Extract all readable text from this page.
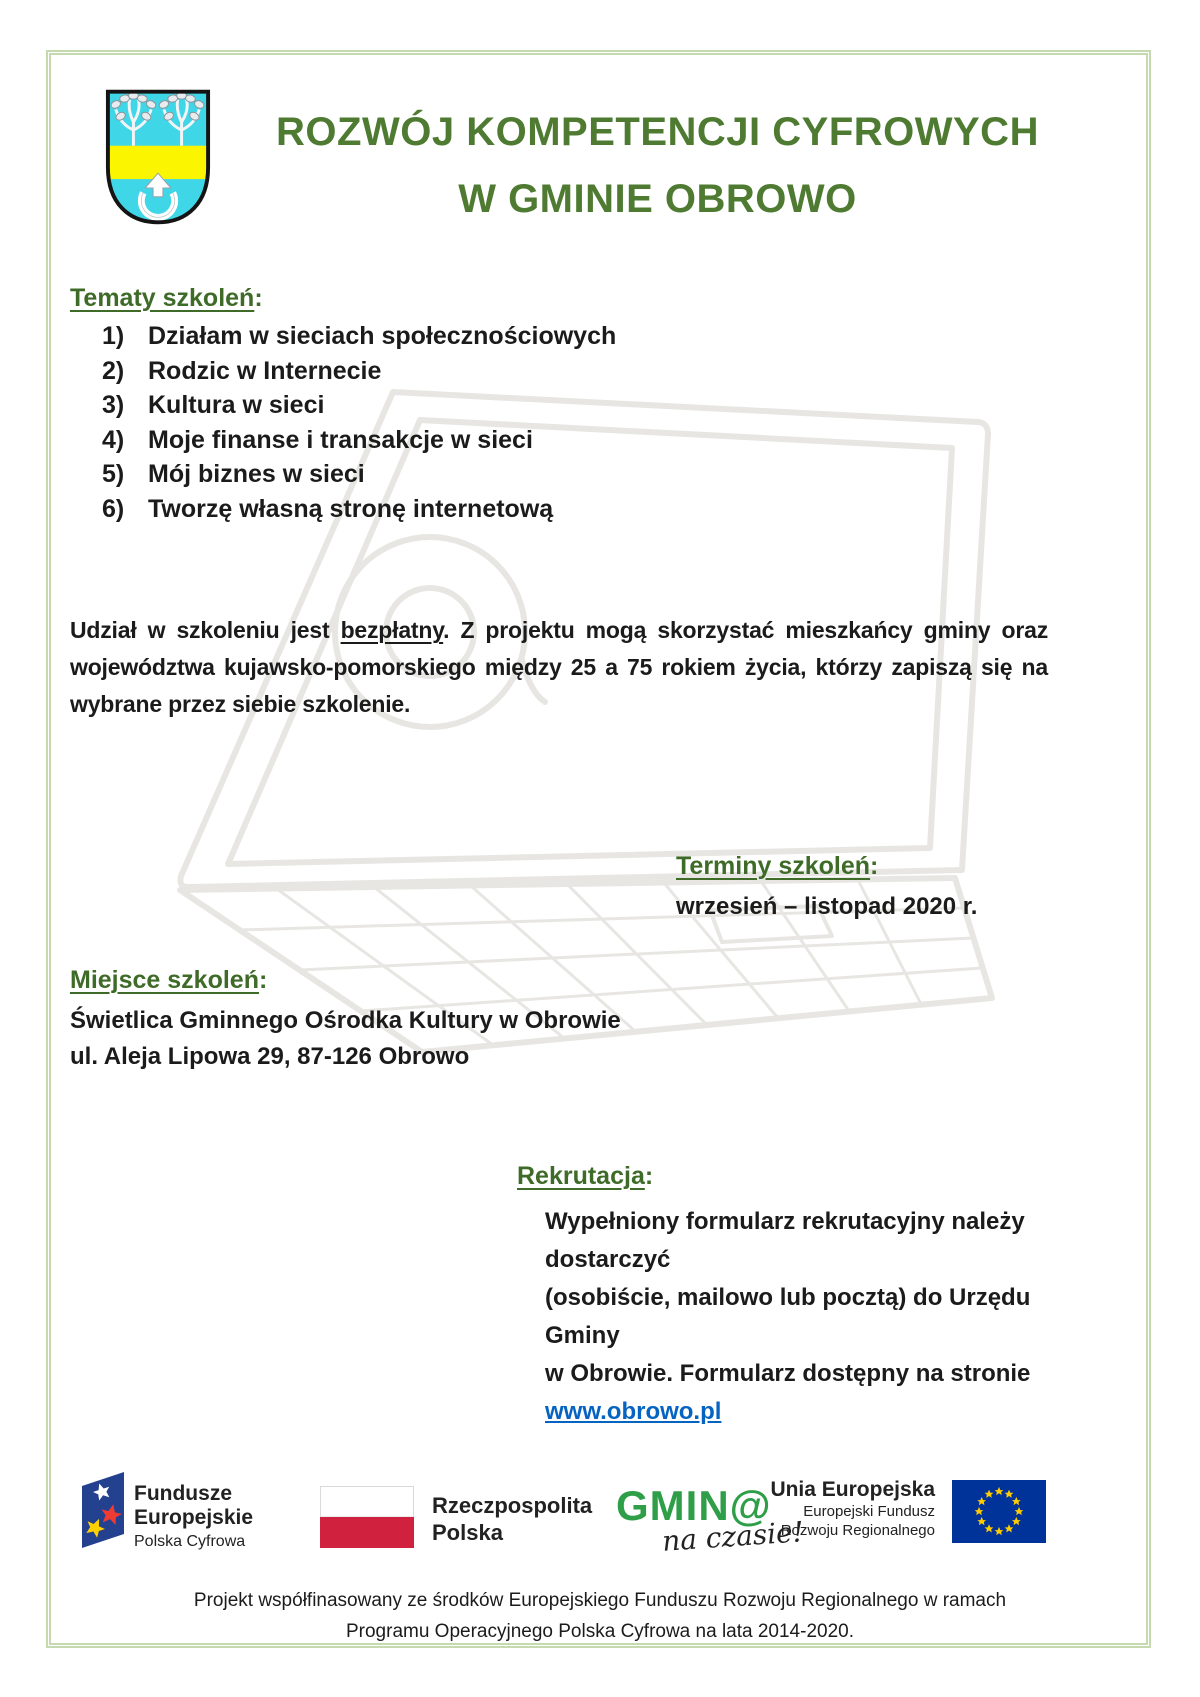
ROZWÓJ KOMPETENCJI CYFROWYCH
W GMINIE OBROWO
Tematy szkoleń:
1) Działam w sieciach społecznościowych
2) Rodzic w Internecie
3) Kultura w sieci
4) Moje finanse i transakcje w sieci
5) Mój biznes w sieci
6) Tworzę własną stronę internetową
Udział w szkoleniu jest bezpłatny. Z projektu mogą skorzystać mieszkańcy gminy oraz
województwa kujawsko-pomorskiego między 25 a 75 rokiem życia, którzy zapiszą się na
wybrane przez siebie szkolenie.
Terminy szkoleń:
wrzesień – listopad 2020 r.
Miejsce szkoleń:
Świetlica Gminnego Ośrodka Kultury w Obrowie
ul. Aleja Lipowa 29, 87-126 Obrowo
Rekrutacja:
Wypełniony formularz rekrutacyjny należy
dostarczyć
(osobiście, mailowo lub pocztą) do Urzędu Gminy
w Obrowie. Formularz dostępny na stronie
www.obrowo.pl
Fundusze
Europejskie
Polska Cyfrowa
Rzeczpospolita
Polska
GMIN@
na czasie!
Unia Europejska
Europejski Fundusz
Rozwoju Regionalnego
Projekt współfinasowany ze środków Europejskiego Funduszu Rozwoju Regionalnego w ramach
Programu Operacyjnego Polska Cyfrowa na lata 2014-2020.
